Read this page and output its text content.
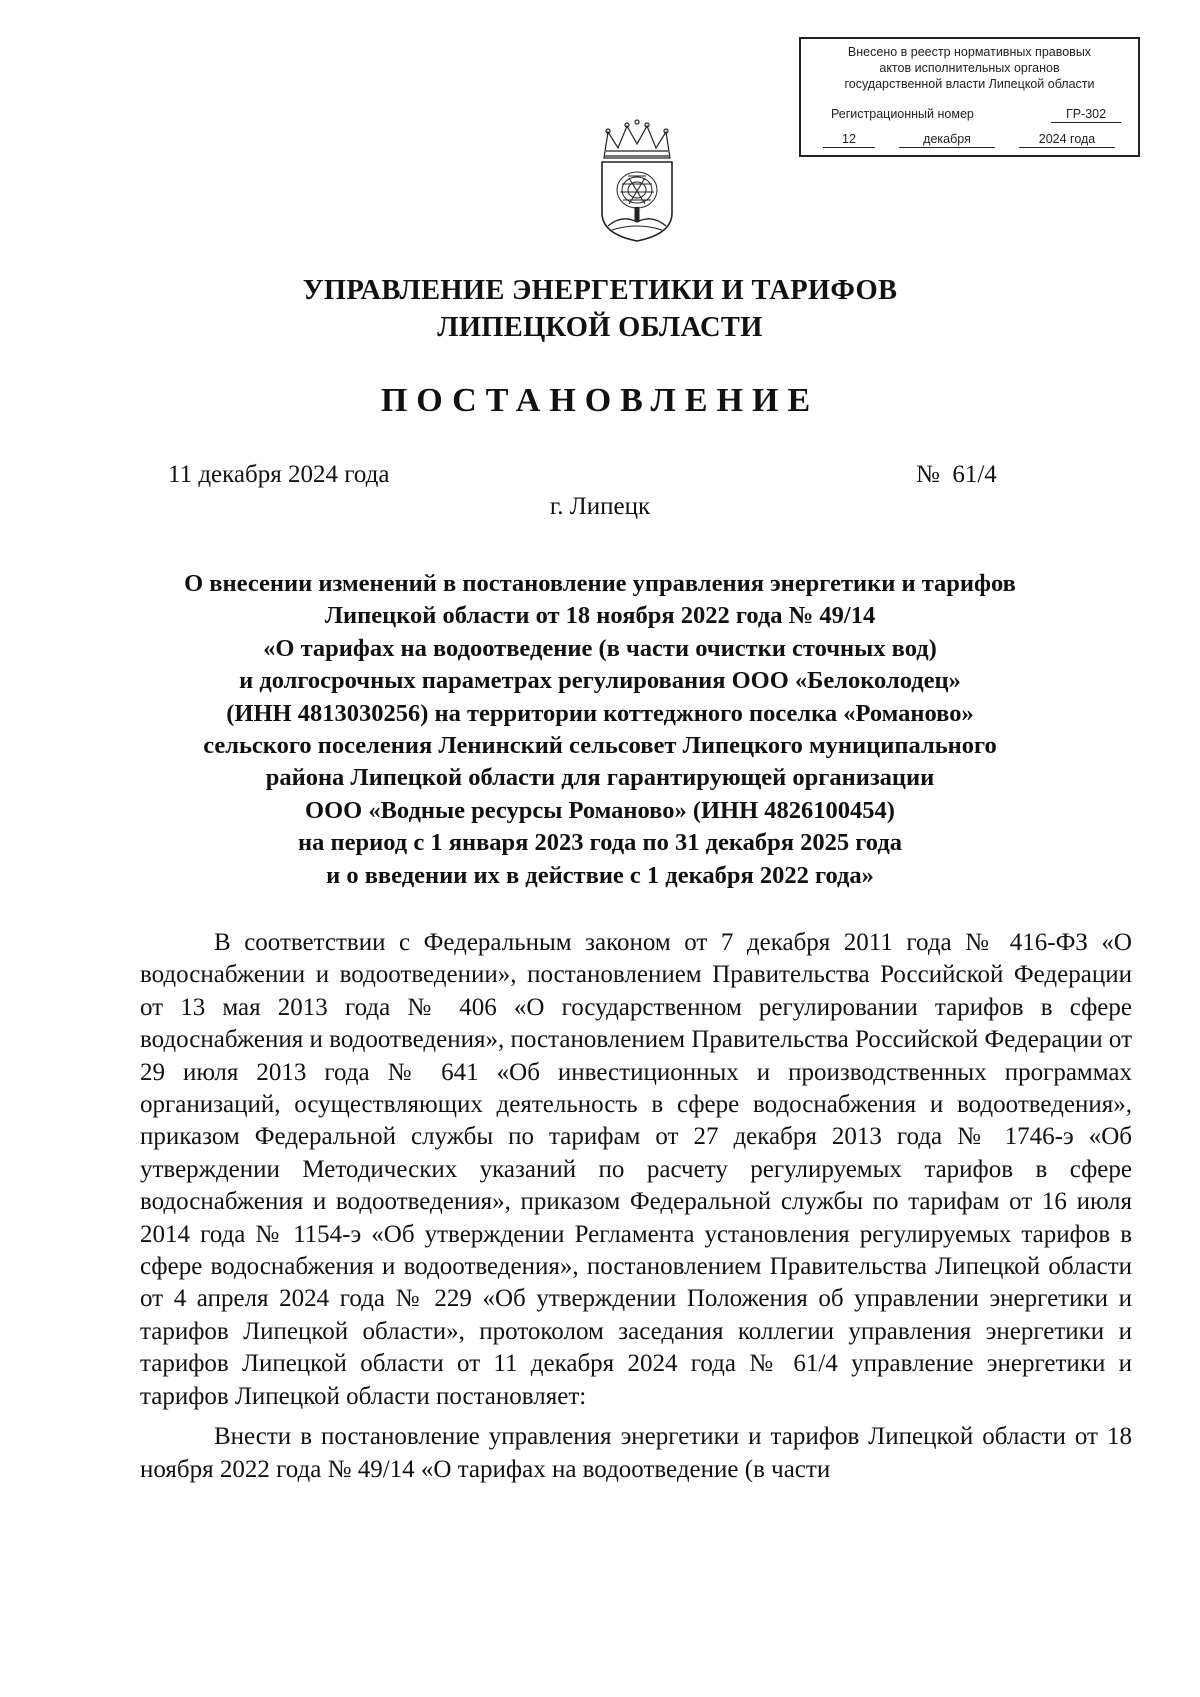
Внесено в реестр нормативных правовых
актов исполнительных органов
государственной власти Липецкой области
Регистрационный номер	ГР-302
12	декабря	2024 года
УПРАВЛЕНИЕ ЭНЕРГЕТИКИ И ТАРИФОВ
ЛИПЕЦКОЙ ОБЛАСТИ
ПОСТАНОВЛЕНИЕ
11 декабря 2024 года	№  61/4
г. Липецк
О внесении изменений в постановление управления энергетики и тарифов
Липецкой области от 18 ноября 2022 года № 49/14
«О тарифах на водоотведение (в части очистки сточных вод)
и долгосрочных параметрах регулирования ООО «Белоколодец»
(ИНН 4813030256) на территории коттеджного поселка «Романово»
сельского поселения Ленинский сельсовет Липецкого муниципального
района Липецкой области для гарантирующей организации
ООО «Водные ресурсы Романово» (ИНН 4826100454)
на период с 1 января 2023 года по 31 декабря 2025 года
и о введении их в действие с 1 декабря 2022 года»

В соответствии с Федеральным законом от 7 декабря 2011 года № 416-ФЗ «О водоснабжении и водоотведении», постановлением Правительства Российской Федерации от 13 мая 2013 года № 406 «О государственном регулировании тарифов в сфере водоснабжения и водоотведения», постановлением Правительства Российской Федерации от 29 июля 2013 года № 641 «Об инвестиционных и производственных программах организаций, осуществляющих деятельность в сфере водоснабжения и водоотведения», приказом Федеральной службы по тарифам от 27 декабря 2013 года № 1746-э «Об утверждении Методических указаний по расчету регулируемых тарифов в сфере водоснабжения и водоотведения», приказом Федеральной службы по тарифам от 16 июля 2014 года № 1154-э «Об утверждении Регламента установления регулируемых тарифов в сфере водоснабжения и водоотведения», постановлением Правительства Липецкой области от 4 апреля 2024 года № 229 «Об утверждении Положения об управлении энергетики и тарифов Липецкой области», протоколом заседания коллегии управления энергетики и тарифов Липецкой области от 11 декабря 2024 года № 61/4 управление энергетики и тарифов Липецкой области постановляет:

Внести в постановление управления энергетики и тарифов Липецкой области от 18 ноября 2022 года № 49/14 «О тарифах на водоотведение (в части
